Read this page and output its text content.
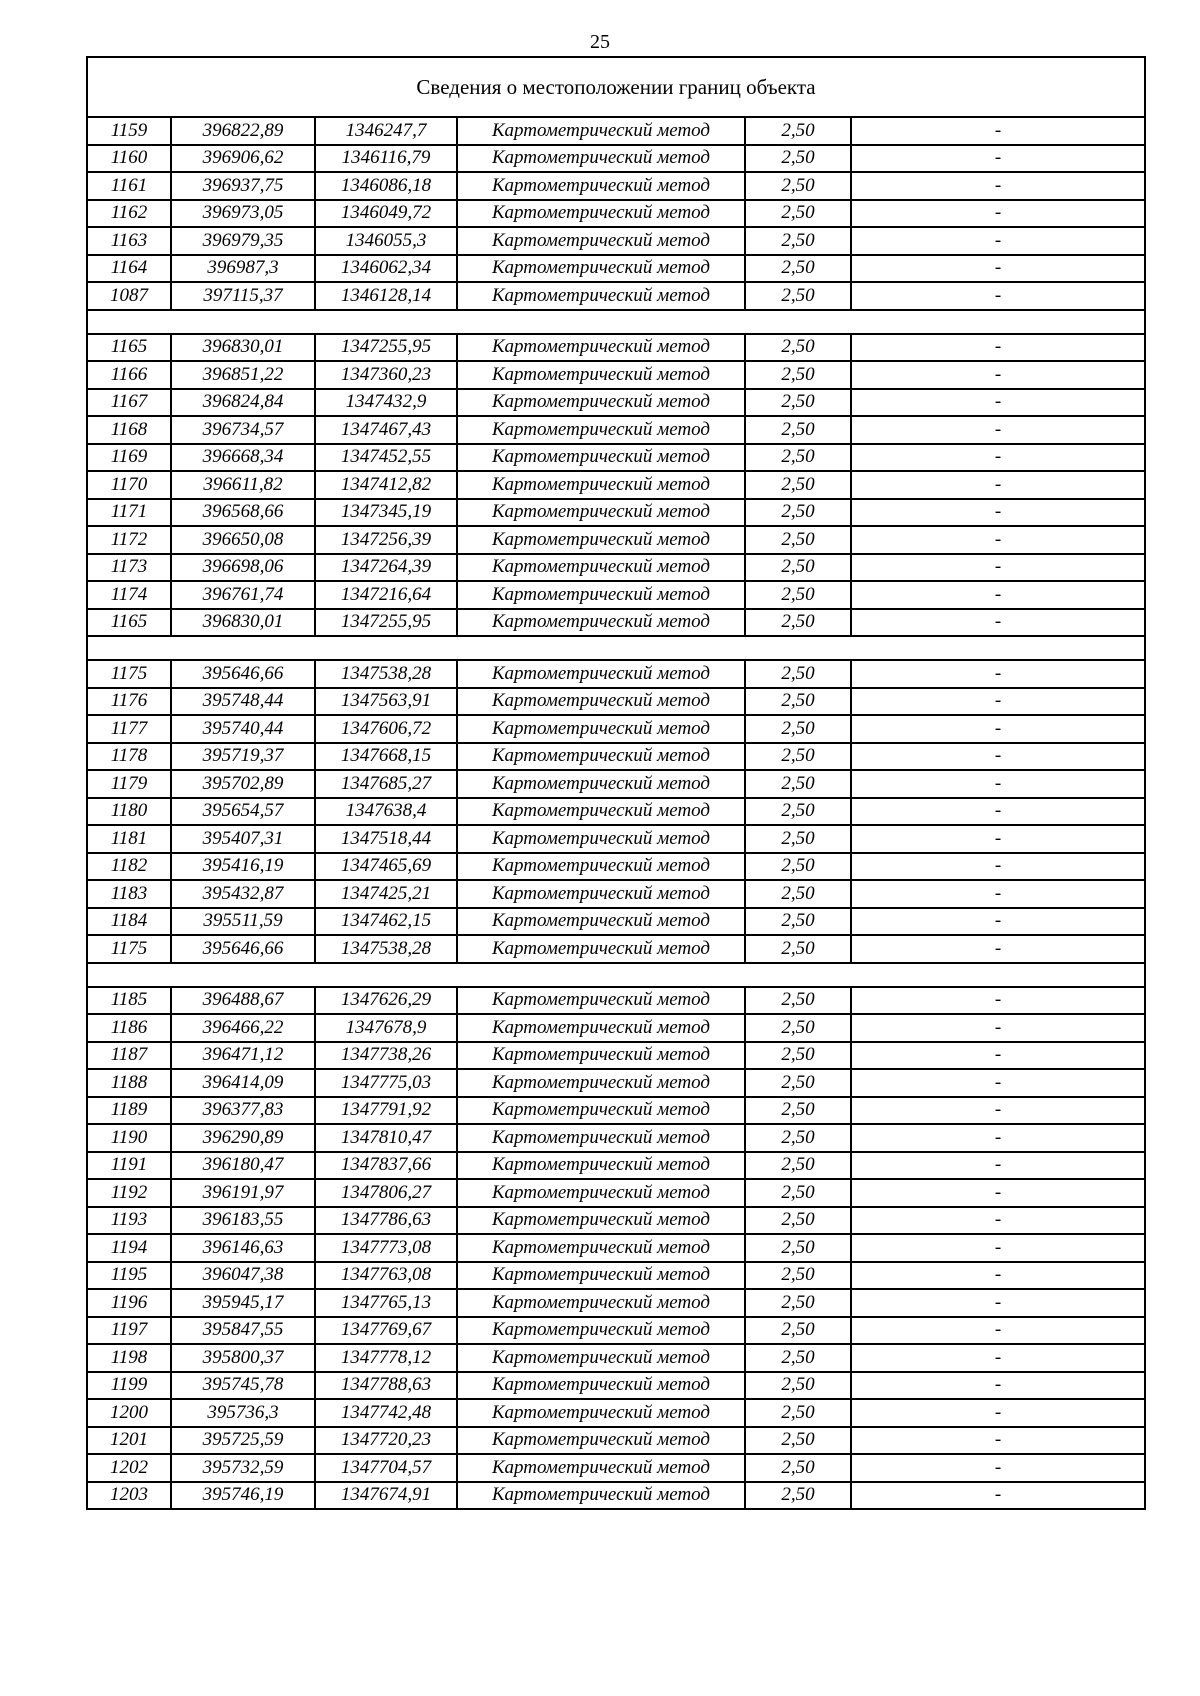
25
Сведения о местоположении границ объекта					
1159	396822,89	1346247,7	Картометрический метод	2,50	-
1160	396906,62	1346116,79	Картометрический метод	2,50	-
1161	396937,75	1346086,18	Картометрический метод	2,50	-
1162	396973,05	1346049,72	Картометрический метод	2,50	-
1163	396979,35	1346055,3	Картометрический метод	2,50	-
1164	396987,3	1346062,34	Картометрический метод	2,50	-
1087	397115,37	1346128,14	Картометрический метод	2,50	-

1165	396830,01	1347255,95	Картометрический метод	2,50	-
1166	396851,22	1347360,23	Картометрический метод	2,50	-
1167	396824,84	1347432,9	Картометрический метод	2,50	-
1168	396734,57	1347467,43	Картометрический метод	2,50	-
1169	396668,34	1347452,55	Картометрический метод	2,50	-
1170	396611,82	1347412,82	Картометрический метод	2,50	-
1171	396568,66	1347345,19	Картометрический метод	2,50	-
1172	396650,08	1347256,39	Картометрический метод	2,50	-
1173	396698,06	1347264,39	Картометрический метод	2,50	-
1174	396761,74	1347216,64	Картометрический метод	2,50	-
1165	396830,01	1347255,95	Картометрический метод	2,50	-

1175	395646,66	1347538,28	Картометрический метод	2,50	-
1176	395748,44	1347563,91	Картометрический метод	2,50	-
1177	395740,44	1347606,72	Картометрический метод	2,50	-
1178	395719,37	1347668,15	Картометрический метод	2,50	-
1179	395702,89	1347685,27	Картометрический метод	2,50	-
1180	395654,57	1347638,4	Картометрический метод	2,50	-
1181	395407,31	1347518,44	Картометрический метод	2,50	-
1182	395416,19	1347465,69	Картометрический метод	2,50	-
1183	395432,87	1347425,21	Картометрический метод	2,50	-
1184	395511,59	1347462,15	Картометрический метод	2,50	-
1175	395646,66	1347538,28	Картометрический метод	2,50	-

1185	396488,67	1347626,29	Картометрический метод	2,50	-
1186	396466,22	1347678,9	Картометрический метод	2,50	-
1187	396471,12	1347738,26	Картометрический метод	2,50	-
1188	396414,09	1347775,03	Картометрический метод	2,50	-
1189	396377,83	1347791,92	Картометрический метод	2,50	-
1190	396290,89	1347810,47	Картометрический метод	2,50	-
1191	396180,47	1347837,66	Картометрический метод	2,50	-
1192	396191,97	1347806,27	Картометрический метод	2,50	-
1193	396183,55	1347786,63	Картометрический метод	2,50	-
1194	396146,63	1347773,08	Картометрический метод	2,50	-
1195	396047,38	1347763,08	Картометрический метод	2,50	-
1196	395945,17	1347765,13	Картометрический метод	2,50	-
1197	395847,55	1347769,67	Картометрический метод	2,50	-
1198	395800,37	1347778,12	Картометрический метод	2,50	-
1199	395745,78	1347788,63	Картометрический метод	2,50	-
1200	395736,3	1347742,48	Картометрический метод	2,50	-
1201	395725,59	1347720,23	Картометрический метод	2,50	-
1202	395732,59	1347704,57	Картометрический метод	2,50	-
1203	395746,19	1347674,91	Картометрический метод	2,50	-
